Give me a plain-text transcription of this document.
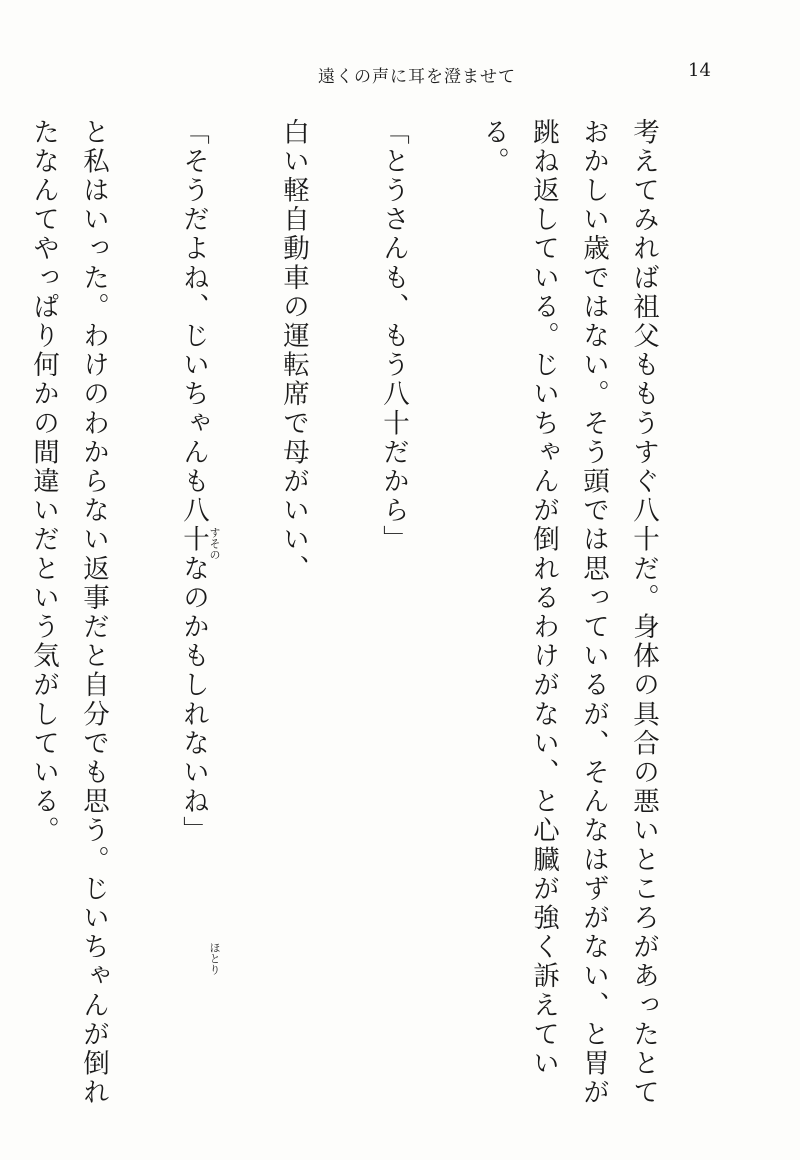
遠くの声に耳を澄ませて	14

考えてみれば祖父ももうすぐ八十だ。身体の具合の悪いところがあったとておかしい歳ではない。そう頭では思っているが、そんなはずがない、と胃が跳ね返している。じいちゃんが倒れるわけがない、と心臓が強く訴えている。

「とうさんも、もう八十だから」

白い軽自動車の運転席で母がいい、

「そうだよね、じいちゃんも八十なのかもしれないね」

と私はいった。わけのわからない返事だと自分でも思う。じいちゃんが倒れたなんてやっぱり何かの間違いだという気がしている。	すその
ほとり
